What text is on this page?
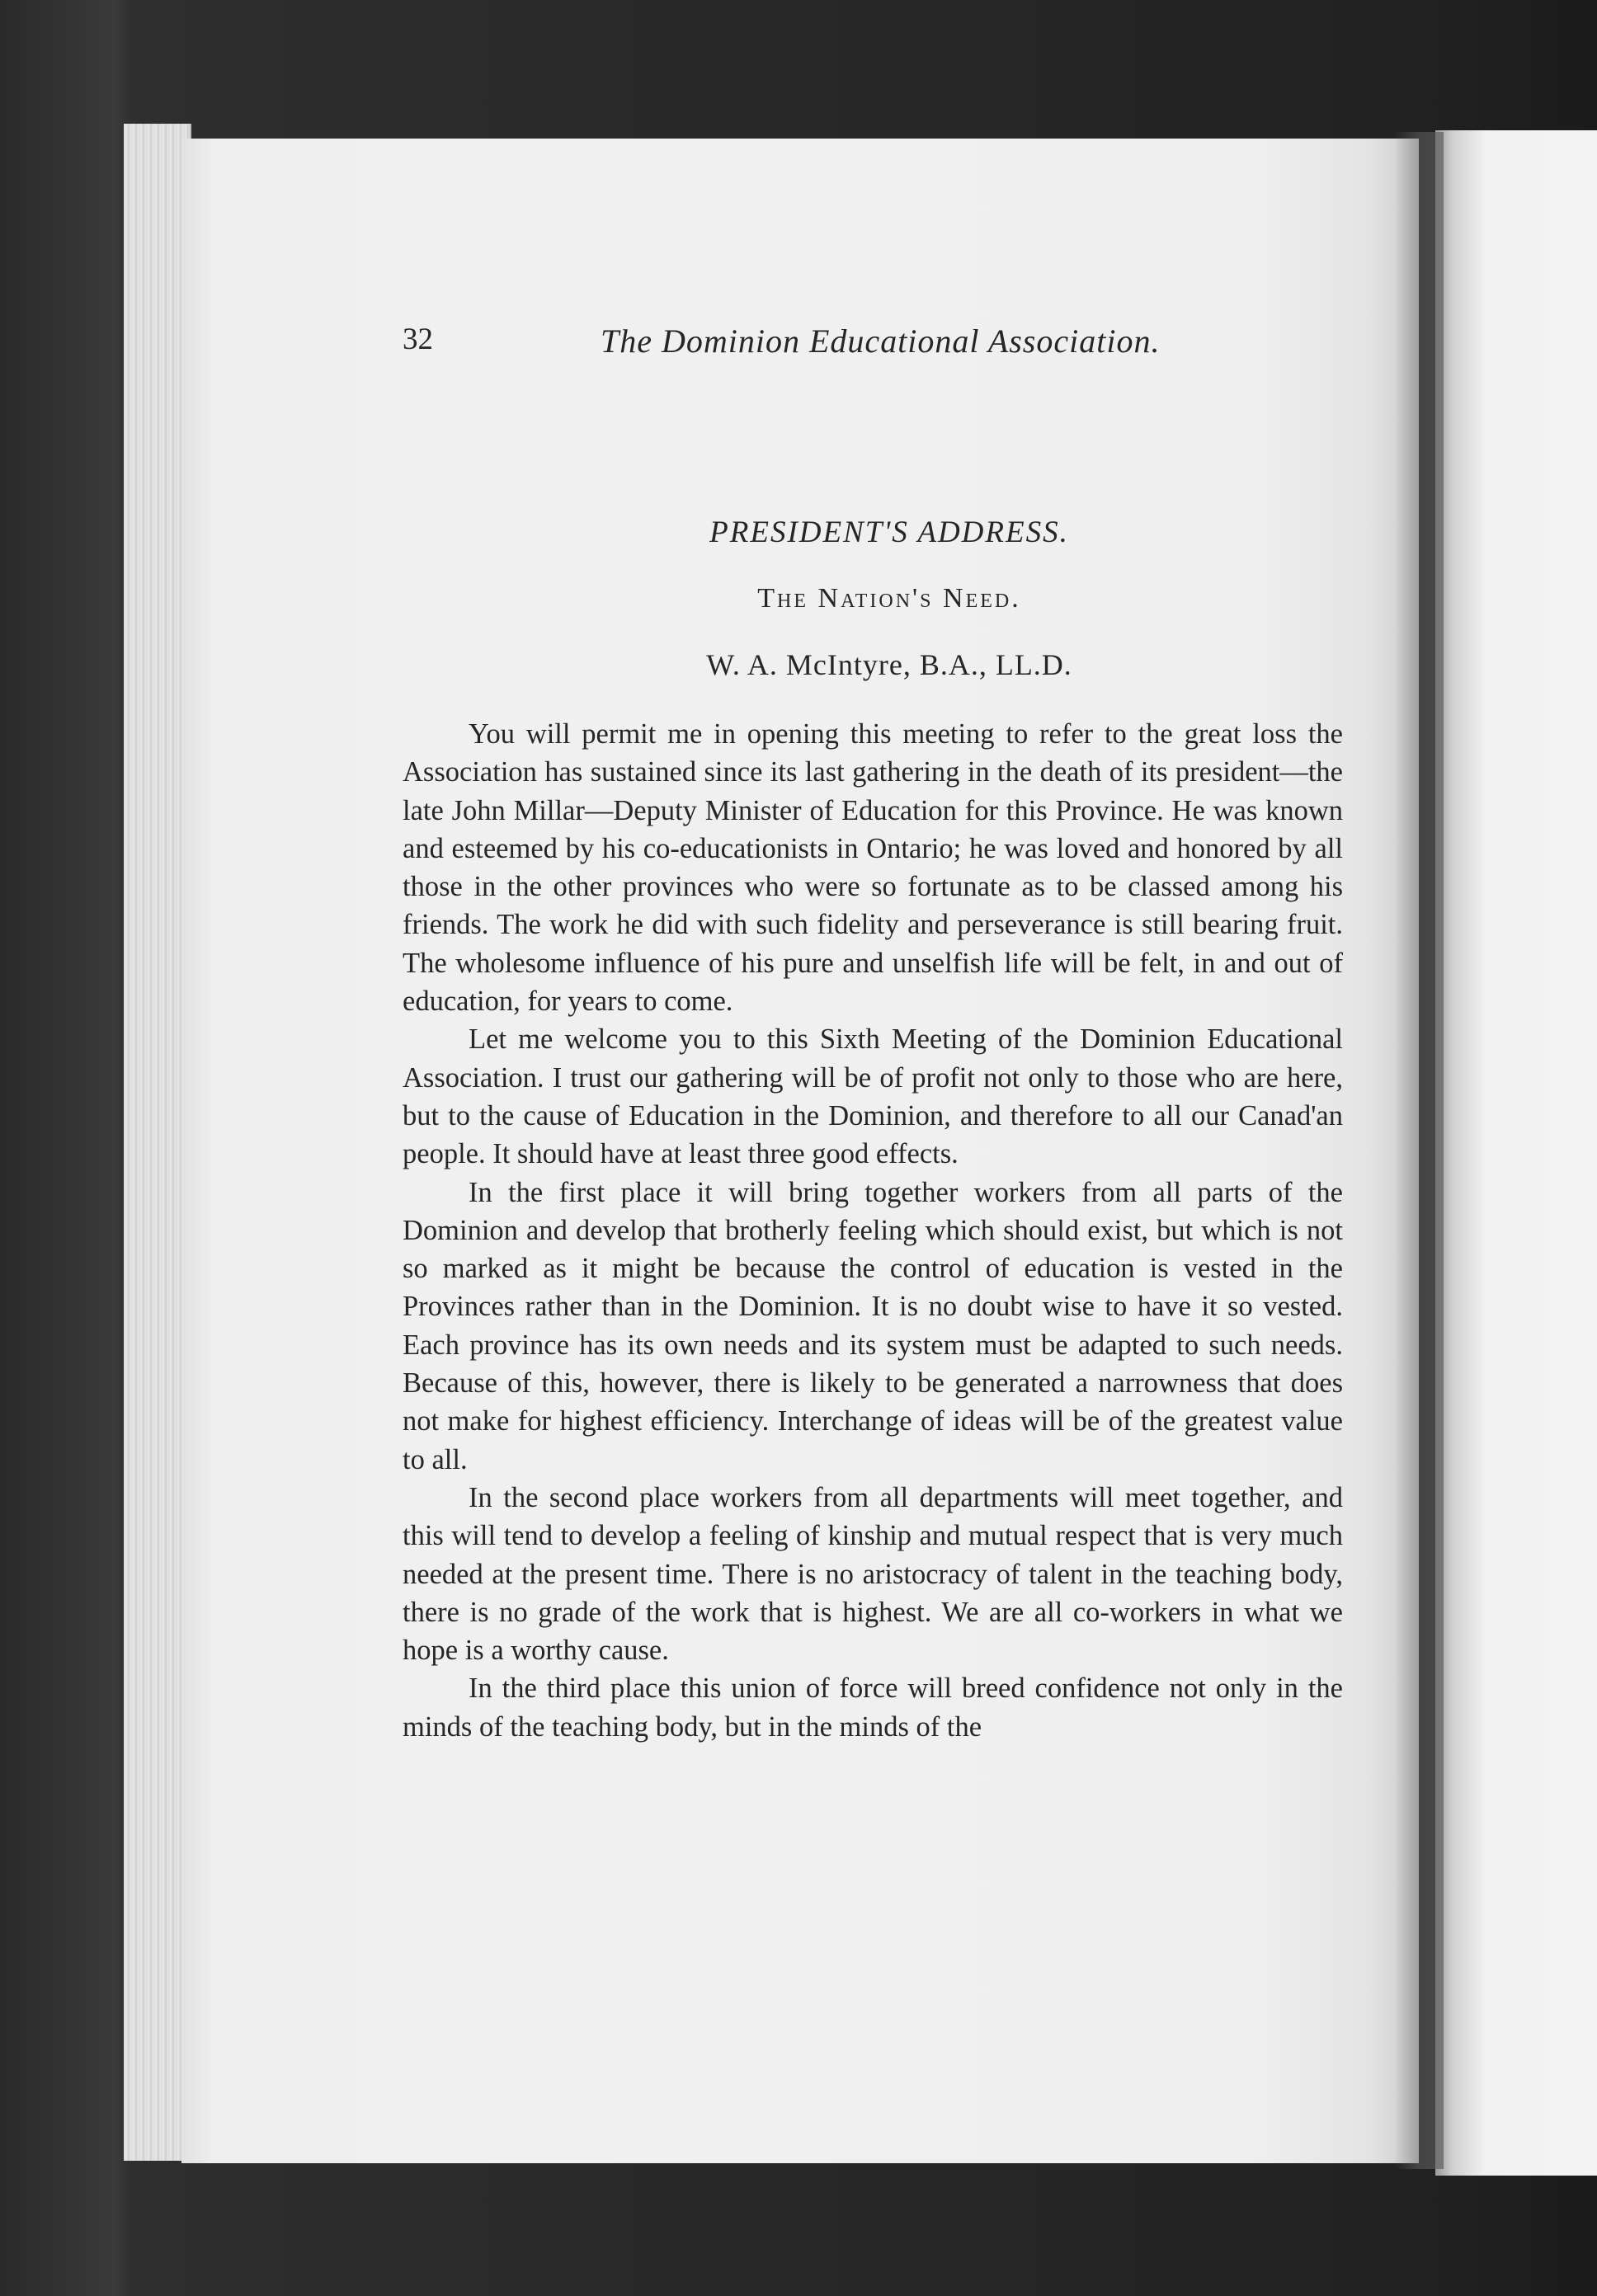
32	The Dominion Educational Association.
PRESIDENT'S ADDRESS.
The Nation's Need.
W. A. McIntyre, B.A., LL.D.

You will permit me in opening this meeting to refer to the great loss the Association has sustained since its last gathering in the death of its president—the late John Millar—Deputy Minister of Education for this Province. He was known and esteemed by his co-educationists in Ontario; he was loved and honored by all those in the other provinces who were so fortunate as to be classed among his friends. The work he did with such fidelity and perseverance is still bearing fruit. The wholesome influence of his pure and unselfish life will be felt, in and out of education, for years to come.

Let me welcome you to this Sixth Meeting of the Dominion Educational Association. I trust our gathering will be of profit not only to those who are here, but to the cause of Education in the Dominion, and therefore to all our Canad'an people. It should have at least three good effects.

In the first place it will bring together workers from all parts of the Dominion and develop that brotherly feeling which should exist, but which is not so marked as it might be because the control of education is vested in the Provinces rather than in the Dominion. It is no doubt wise to have it so vested. Each province has its own needs and its system must be adapted to such needs. Because of this, however, there is likely to be generated a narrowness that does not make for highest efficiency. Interchange of ideas will be of the greatest value to all.

In the second place workers from all departments will meet together, and this will tend to develop a feeling of kinship and mutual respect that is very much needed at the present time. There is no aristocracy of talent in the teaching body, there is no grade of the work that is highest. We are all co-workers in what we hope is a worthy cause.

In the third place this union of force will breed confidence not only in the minds of the teaching body, but in the minds of the
